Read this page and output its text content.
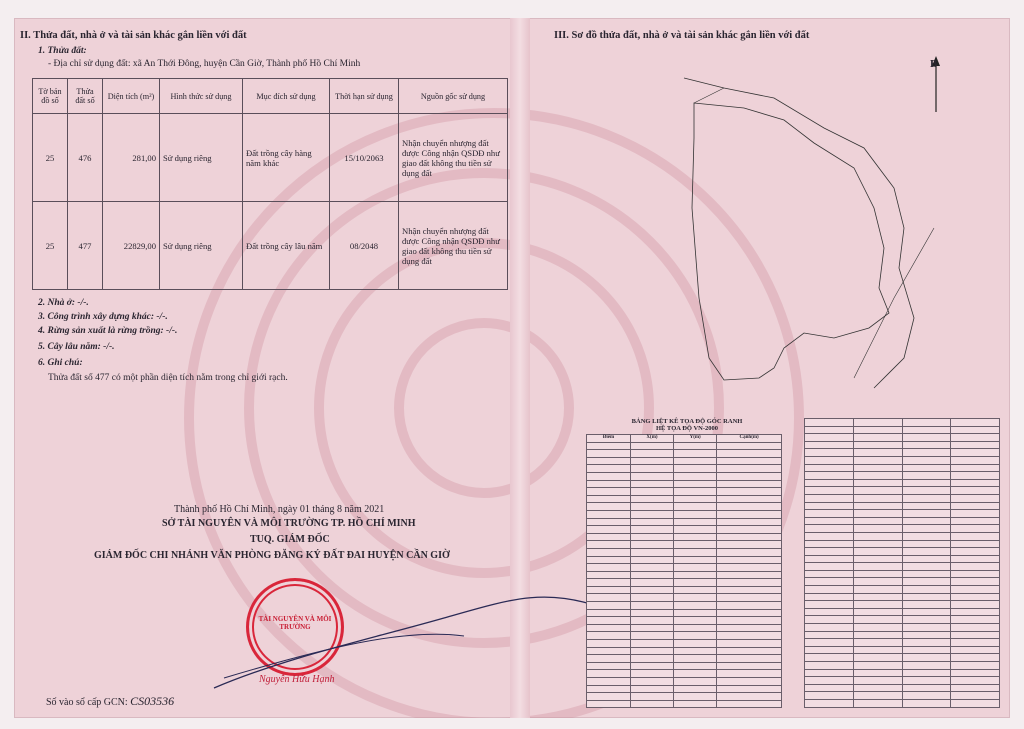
II. Thửa đất, nhà ở và tài sản khác gắn liền với đất
1. Thửa đất:
- Địa chỉ sử dụng đất: xã An Thới Đông, huyện Cần Giờ, Thành phố Hồ Chí Minh
Tờ bản đồ số	Thửa đất số	Diện tích (m²)	Hình thức sử dụng	Mục đích sử dụng	Thời hạn sử dụng	Nguồn gốc sử dụng
25	476	281,00	Sử dụng riêng	Đất trồng cây hàng năm khác	15/10/2063	Nhận chuyển nhượng đất được Công nhận QSDĐ như giao đất không thu tiền sử dụng đất
25	477	22829,00	Sử dụng riêng	Đất trồng cây lâu năm	08/2048	Nhận chuyển nhượng đất được Công nhận QSDĐ như giao đất không thu tiền sử dụng đất
2. Nhà ở: -/-.
3. Công trình xây dựng khác: -/-.
4. Rừng sản xuất là rừng trồng: -/-.
5. Cây lâu năm: -/-.
6. Ghi chú:
Thửa đất số 477 có một phần diện tích nằm trong chỉ giới rạch.
Thành phố Hồ Chí Minh, ngày 01 tháng 8 năm 2021
SỞ TÀI NGUYÊN VÀ MÔI TRƯỜNG TP. HỒ CHÍ MINH
TUQ. GIÁM ĐỐC
GIÁM ĐỐC CHI NHÁNH VĂN PHÒNG ĐĂNG KÝ ĐẤT ĐAI HUYỆN CẦN GIỜ
TÀI NGUYÊN VÀ MÔI TRƯỜNG
Nguyễn Hữu Hạnh
Số vào sổ cấp GCN: CS03536
III. Sơ đồ thửa đất, nhà ở và tài sản khác gắn liền với đất
B
BẢNG LIỆT KÊ TỌA ĐỘ GÓC RANH
HỆ TỌA ĐỘ VN-2000
Điểm	X(m)	Y(m)	Cạnh(m)
